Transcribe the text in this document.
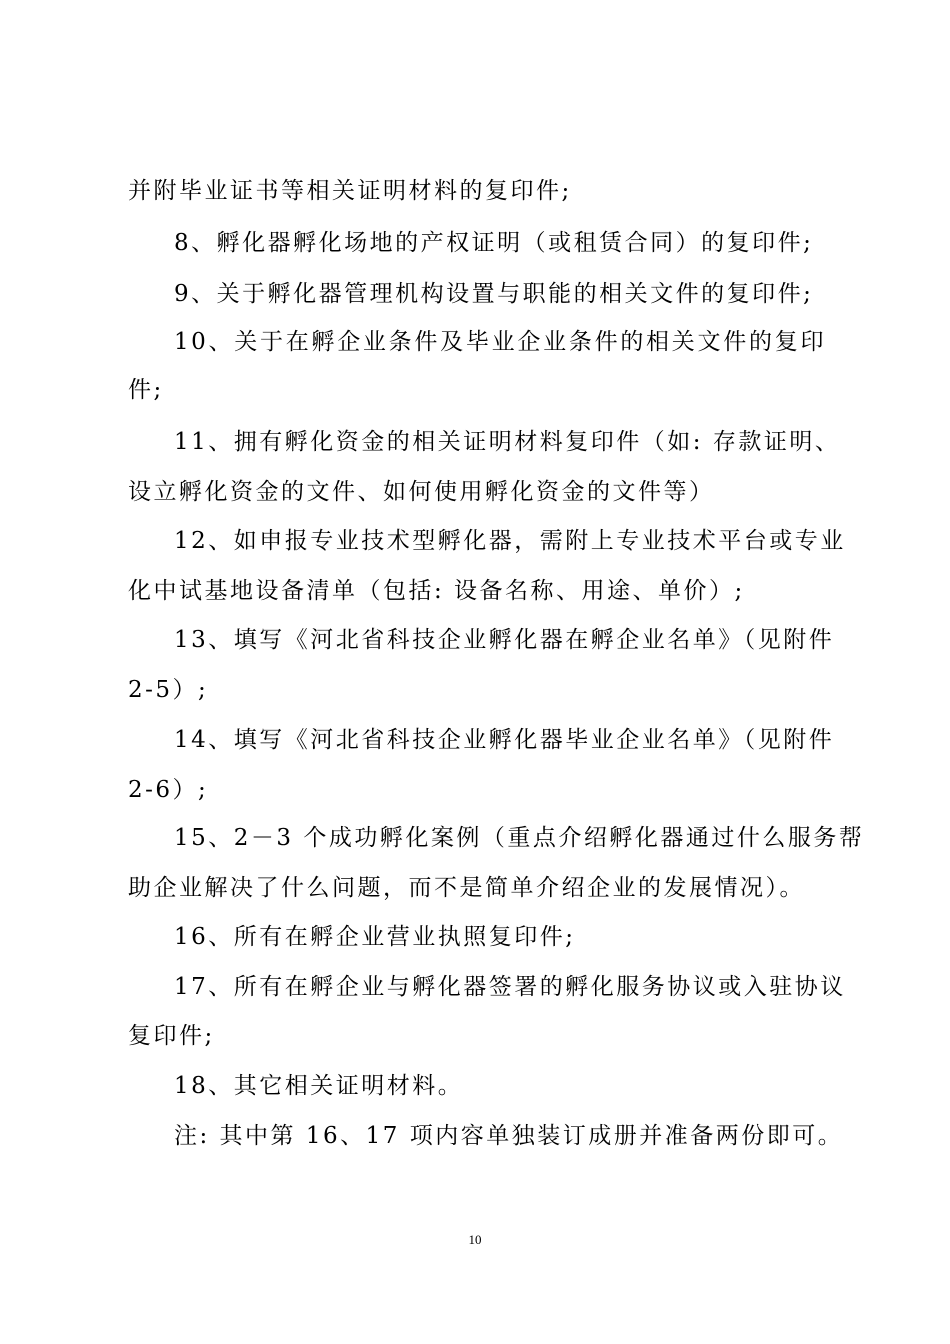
并附毕业证书等相关证明材料的复印件;
8、孵化器孵化场地的产权证明（或租赁合同）的复印件;
9、关于孵化器管理机构设置与职能的相关文件的复印件;
10、关于在孵企业条件及毕业企业条件的相关文件的复印
件;
11、拥有孵化资金的相关证明材料复印件（如: 存款证明、
设立孵化资金的文件、如何使用孵化资金的文件等）
12、如申报专业技术型孵化器，需附上专业技术平台或专业
化中试基地设备清单（包括: 设备名称、用途、单价）;
13、填写《河北省科技企业孵化器在孵企业名单》（见附件
2-5）;
14、填写《河北省科技企业孵化器毕业企业名单》（见附件
2-6）;
15、2－3 个成功孵化案例（重点介绍孵化器通过什么服务帮
助企业解决了什么问题，而不是简单介绍企业的发展情况）。
16、所有在孵企业营业执照复印件;
17、所有在孵企业与孵化器签署的孵化服务协议或入驻协议
复印件;
18、其它相关证明材料。
注: 其中第 16、17 项内容单独装订成册并准备两份即可。
10
